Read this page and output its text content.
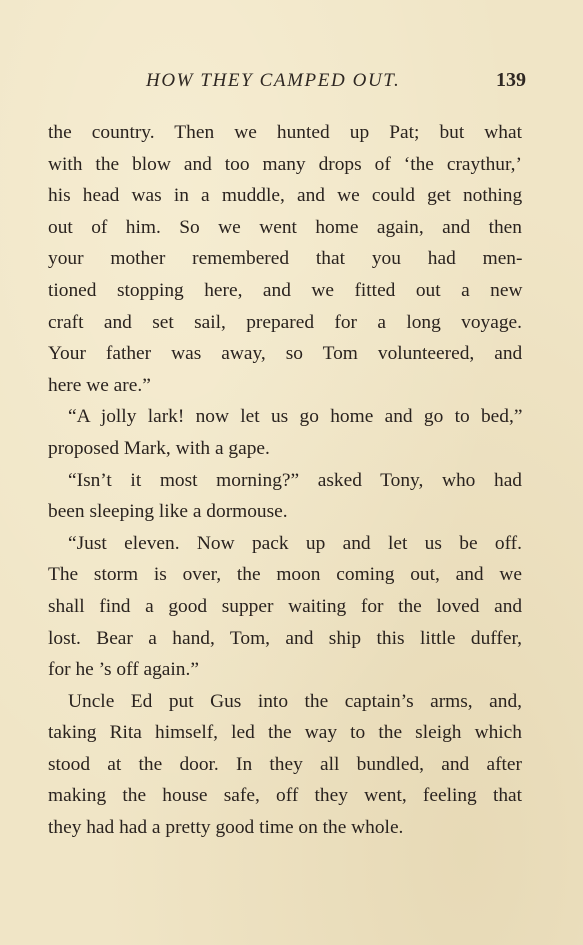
HOW THEY CAMPED OUT.	139
the country. Then we hunted up Pat; but what
with the blow and too many drops of ‘the craythur,’
his head was in a muddle, and we could get nothing
out of him. So we went home again, and then
your mother remembered that you had men-
tioned stopping here, and we fitted out a new
craft and set sail, prepared for a long voyage.
Your father was away, so Tom volunteered, and
here we are.”
“A jolly lark! now let us go home and go to bed,”
proposed Mark, with a gape.
“Isn’t it most morning?” asked Tony, who had
been sleeping like a dormouse.
“Just eleven. Now pack up and let us be off.
The storm is over, the moon coming out, and we
shall find a good supper waiting for the loved and
lost. Bear a hand, Tom, and ship this little duffer,
for he ’s off again.”
Uncle Ed put Gus into the captain’s arms, and,
taking Rita himself, led the way to the sleigh which
stood at the door. In they all bundled, and after
making the house safe, off they went, feeling that
they had had a pretty good time on the whole.
